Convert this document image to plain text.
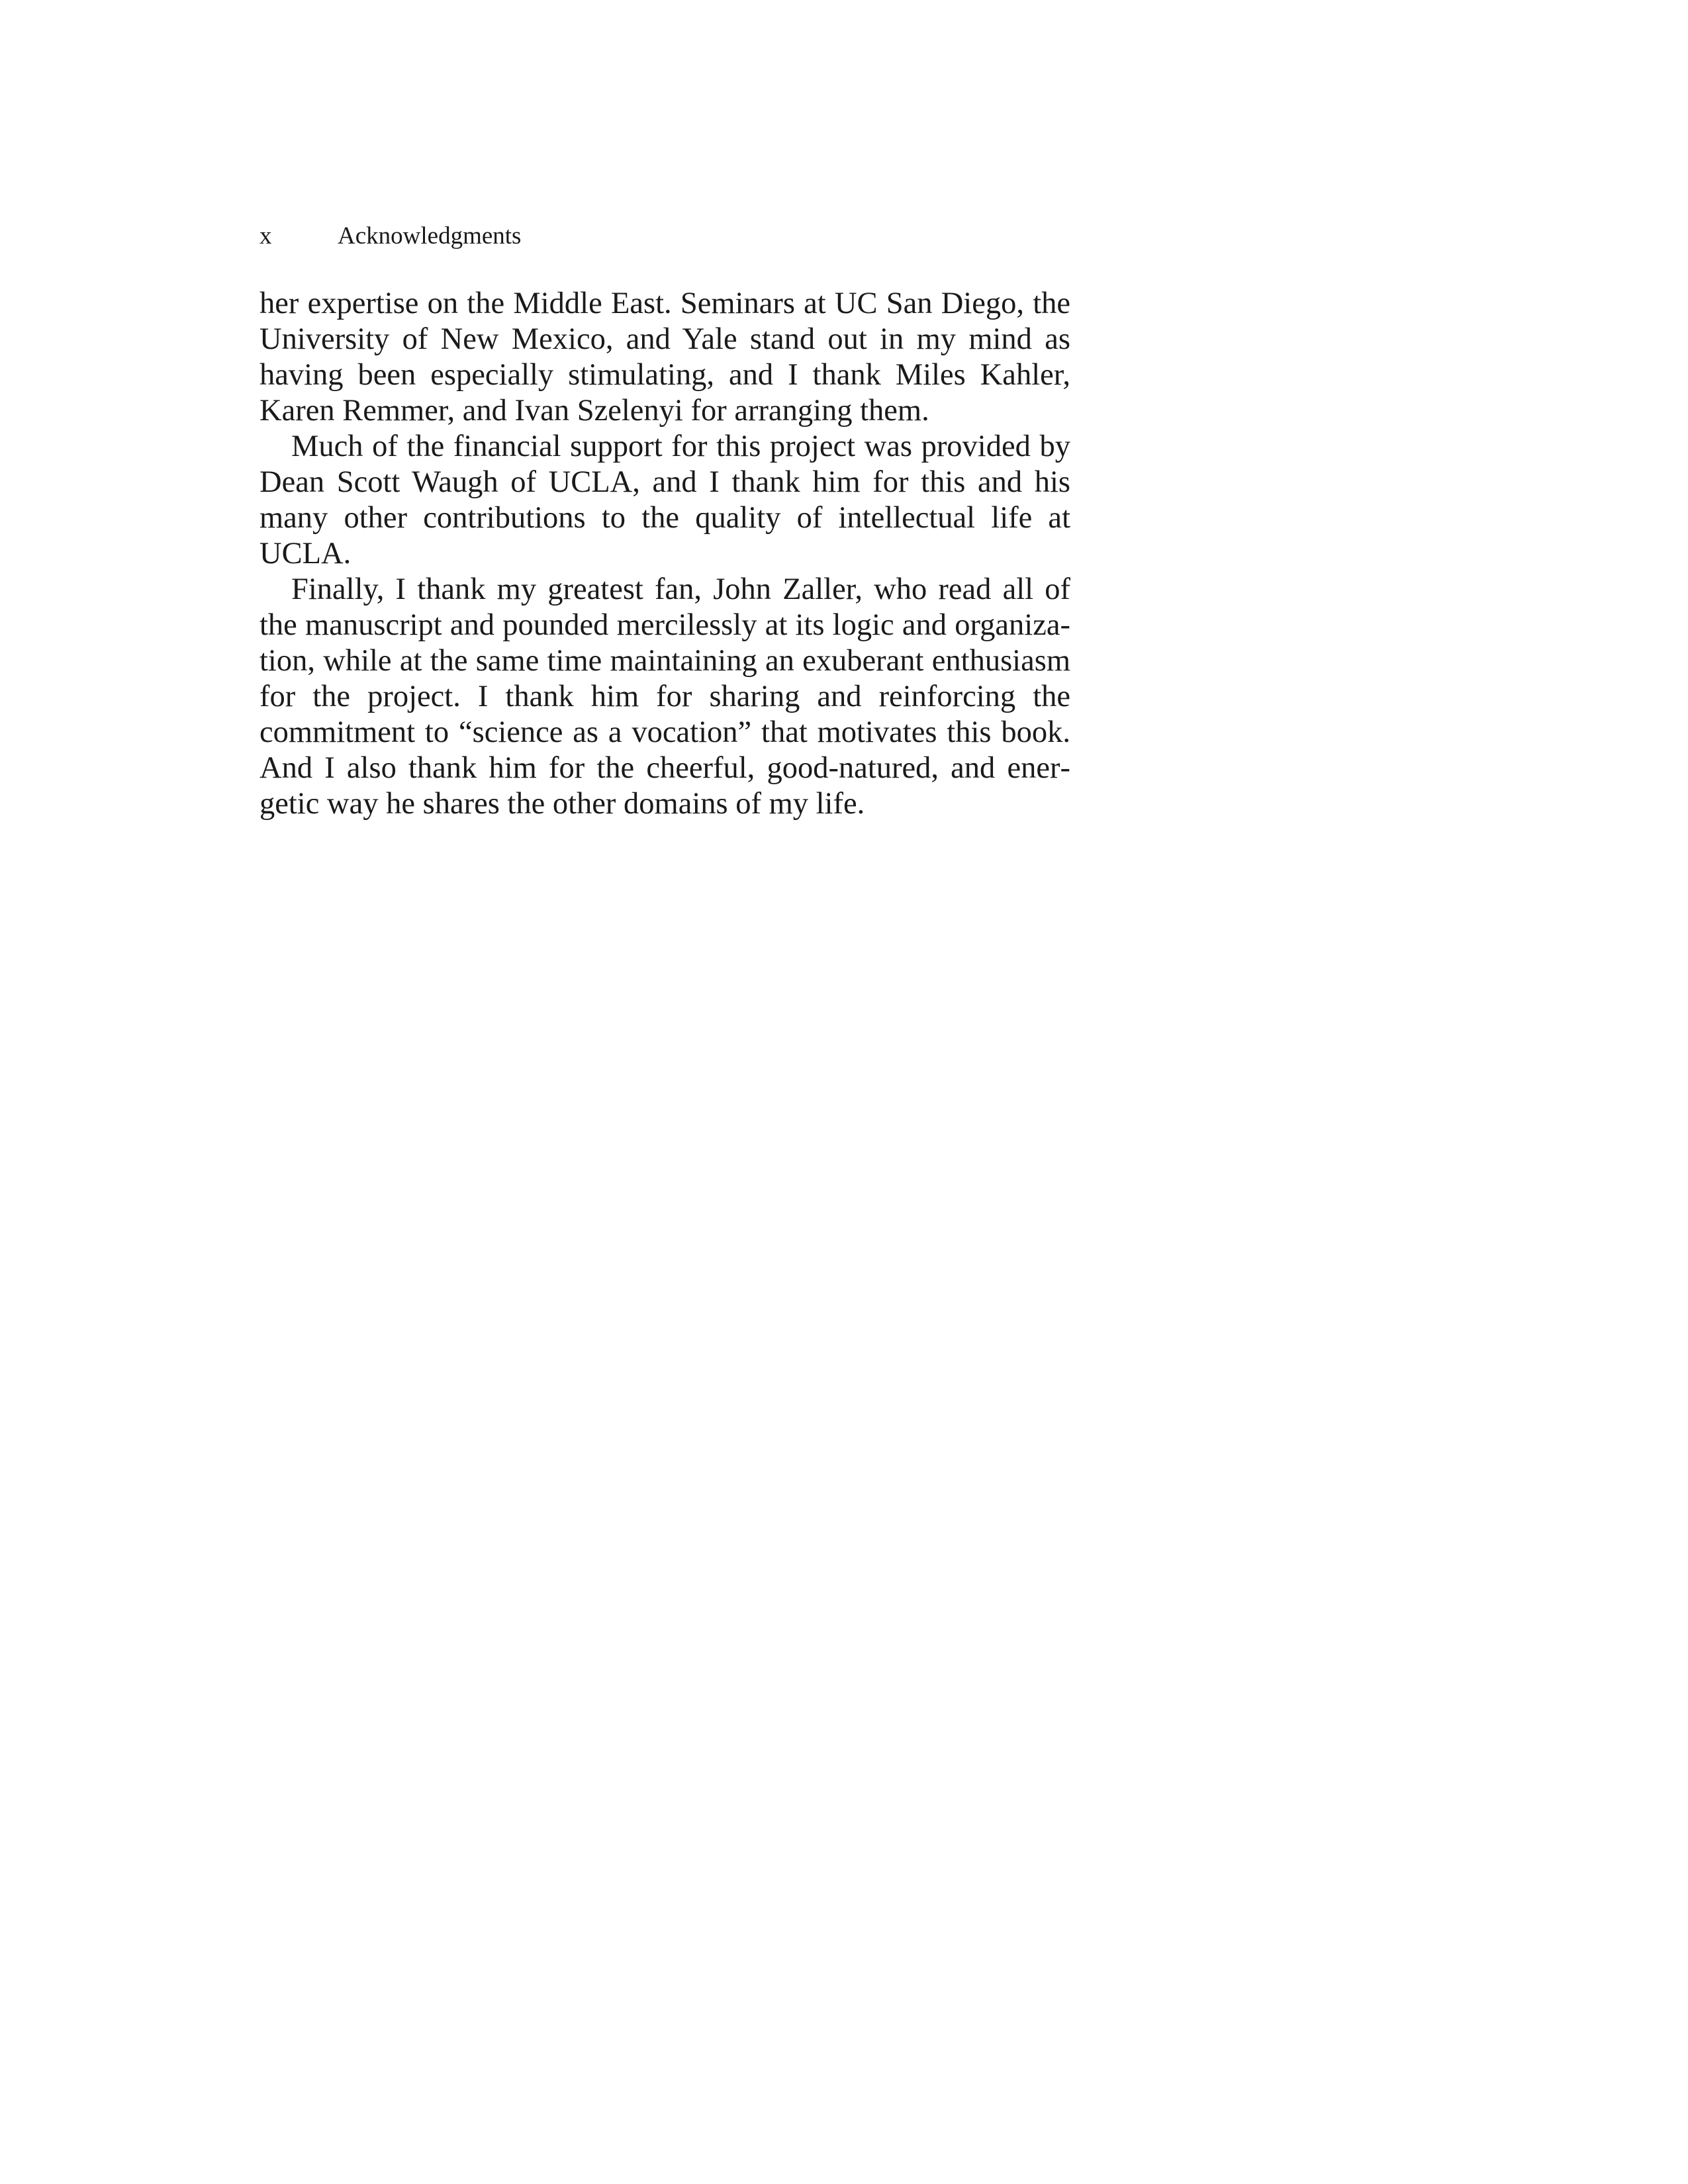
x	Acknowledgments

her expertise on the Middle East. Seminars at UC San Diego, the University of New Mexico, and Yale stand out in my mind as having been especially stimulating, and I thank Miles Kahler, Karen Remmer, and Ivan Szelenyi for arranging them.

Much of the financial support for this project was provided by Dean Scott Waugh of UCLA, and I thank him for this and his many other contributions to the quality of intellectual life at UCLA.

Finally, I thank my greatest fan, John Zaller, who read all of the manuscript and pounded mercilessly at its logic and organization, while at the same time maintaining an exuberant enthusiasm for the project. I thank him for sharing and reinforcing the commitment to “science as a vocation” that motivates this book. And I also thank him for the cheerful, good-natured, and energetic way he shares the other domains of my life.
